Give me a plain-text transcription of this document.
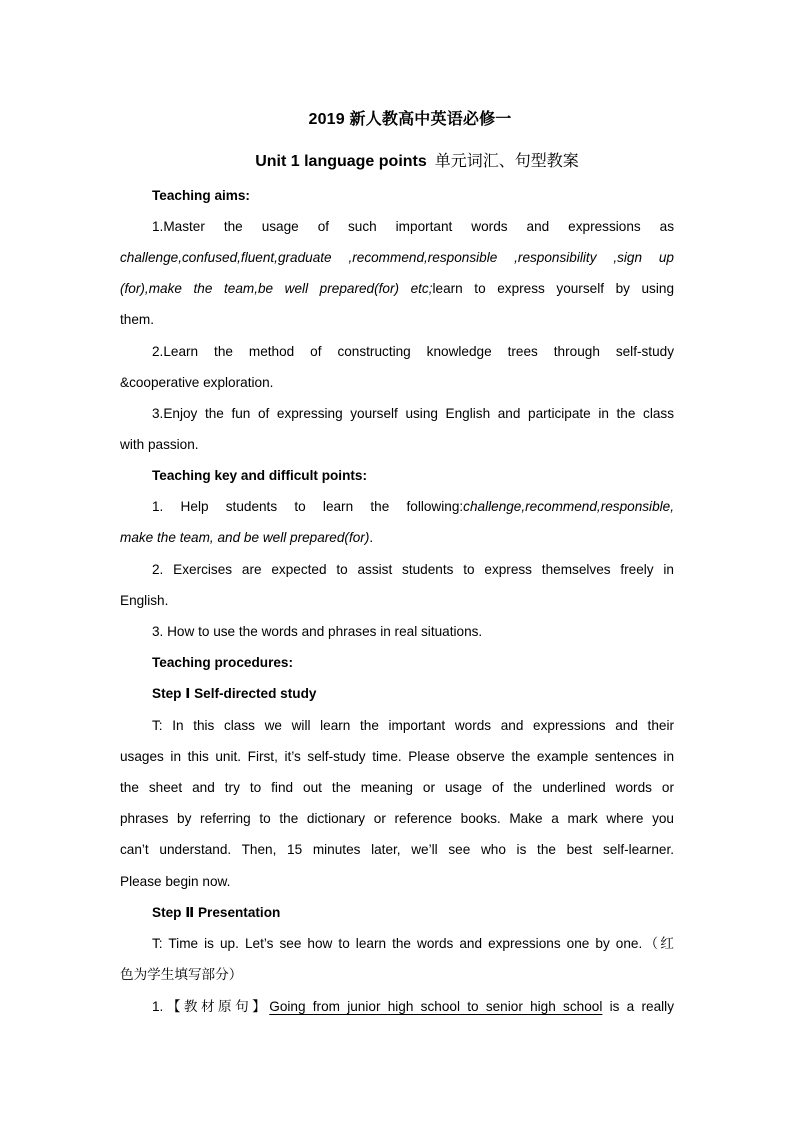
2019 新人教高中英语必修一
Unit 1 language points 单元词汇、句型教案
Teaching aims:
1.Master the usage of such important words and expressions as
challenge,confused,fluent,graduate ,recommend,responsible ,responsibility ,sign up
(for),make the team,be well prepared(for) etc;learn to express yourself by using
them.
2.Learn the method of constructing knowledge trees through self-study
&cooperative exploration.
3.Enjoy the fun of expressing yourself using English and participate in the class
with passion.
Teaching key and difficult points:
1. Help students to learn the following:challenge,recommend,responsible,
make the team, and be well prepared(for).
2. Exercises are expected to assist students to express themselves freely in
English.
3. How to use the words and phrases in real situations.
Teaching procedures:
Step Ⅰ Self-directed study
T: In this class we will learn the important words and expressions and their
usages in this unit. First, it’s self-study time. Please observe the example sentences in
the sheet and try to find out the meaning or usage of the underlined words or
phrases by referring to the dictionary or reference books. Make a mark where you
can’t understand. Then, 15 minutes later, we’ll see who is the best self-learner.
Please begin now.
Step Ⅱ Presentation
T: Time is up. Let’s see how to learn the words and expressions one by one.（红
色为学生填写部分）
1.【教材原句】Going from junior high school to senior high school is a really
